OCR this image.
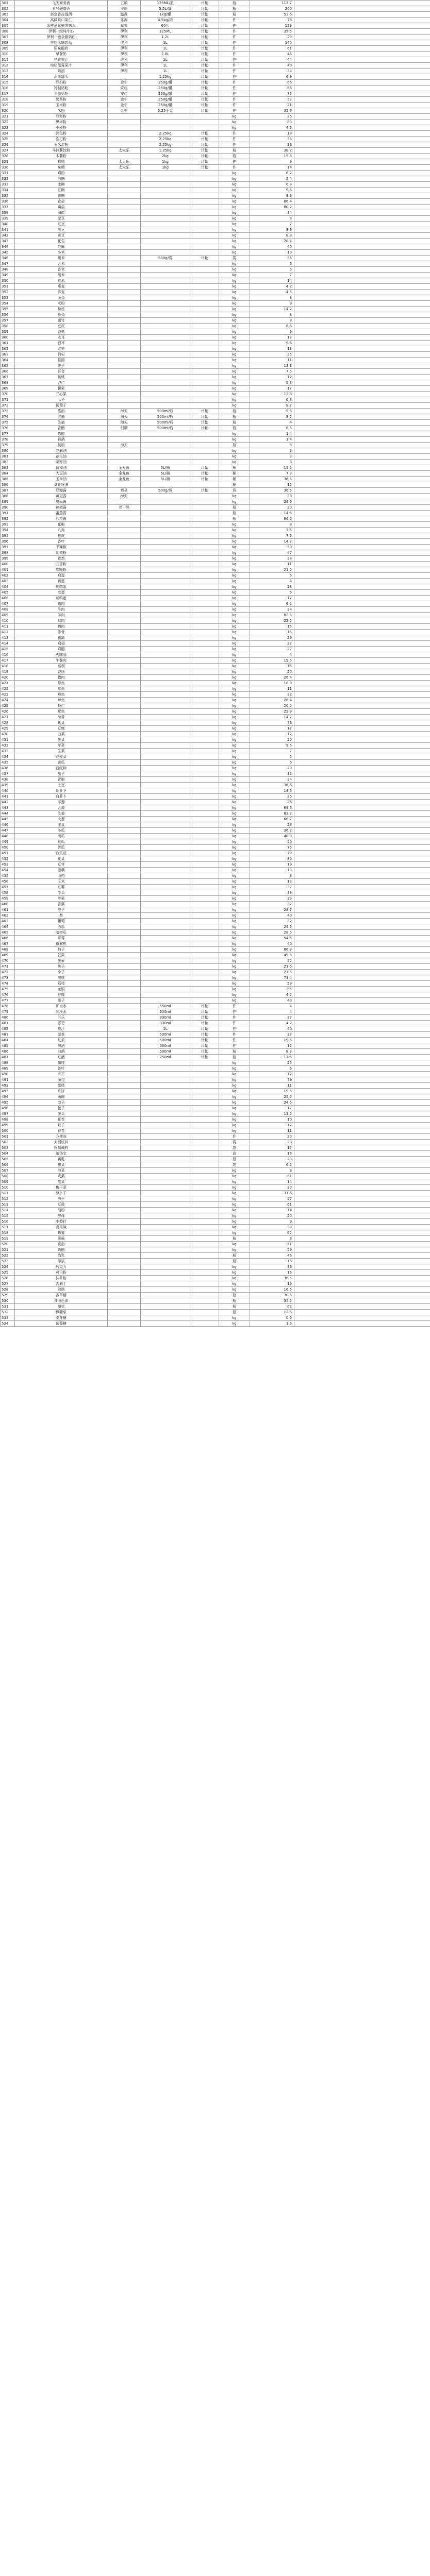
301	飞天商务酒	五粮	125ML/瓶	计量	瓶	113.2	
302	五号研磨酒	奥丽	5.5L/罐	计量	瓶	200	
303	郁金香拉提酒	露露	1kg/罐	计量	瓶	53.5	
304	高级爽口果仁	乐淘	4.5kg/箱	计量	件	78	
305	冰鲜蓝莓鲜果味水	莓果	60片	计量	件	129	
306	伊利一级纯牛奶	伊利	125ML	计量	件	35.5	
307	伊利一级全脂奶粉	伊利	1.2L	计量	件	29	
308	牛奶风味饮品	伊利	1L	计量	件	140	
309	原味酸奶	伊利	1L	计量	件	61	
310	早餐奶	伊利	2.8L	计量	件	46	
311	芒果果汁	伊利	1L	计量	件	44	
312	纯奶蓝莓果汁	伊利	1L	计量	件	40	
313	奶油	伊利	1L	计量	件	34	
314	水果罐头		1.25kg	计量	件	6.9	
315	豆奶粉	金牛	250g/罐	计量	件	66	
316	特制奶粉	安佳	250g/罐	计量	件	66	
317	全脂奶粉	安佳	250g/罐	计量	件	75	
318	奶茶粉	金牛	250g/罐	计量	件	53	
319	玉米粉	金牛	250g/罐	计量	件	21	
320	米粉	金牛	5.25千克	计量	件	35.6	
321	豆浆粉				kg	25	
322	黑米粉				kg	80	
323	小麦粉				kg	4.5	
324	面包粉		2.25kg	计量	件	18	
325	泡打粉		2.25kg	计量	件	36	
326	玉米淀粉		2.25kg	计量	件	36	
327	马铃薯淀粉	太太乐	1.25kg	计量	瓶	38.2	
328	木薯粉		2kg	计量	瓶	15.8	
329	鸡精	太太乐	1kg	计量	件	9	
330	味精	太太乐	1kg	计量	件	14	
331	鸡粉				kg	6.2	
332	白糖				kg	5.4	
333	冰糖				kg	6.8	
334	红糖				kg	9.6	
335	黄糖				kg	8.6	
336	食盐				kg	86.4	
337	碘盐				kg	80.2	
338	海盐				kg	34	
339	绿豆				kg	8	
340	红豆				kg	7	
341	黑豆				kg	8.6	
342	黄豆				kg	8.8	
343	花生				kg	20.4	
344	芝麻				kg	40	
345	小米				kg	10	
346	糯米		500g/袋	计量	袋	35	
347	大米				kg	6	
348	香米				kg	5	
349	黑米				kg	7	
350	薏米				kg	14	
351	燕麦				kg	4.2	
352	荞麦				kg	4.5	
353	面条				kg	8	
354	米粉				kg	9	
355	粉丝				kg	14.2	
356	粉条				kg	8	
357	腐竹				kg	8	
358	豆皮				kg	6.6	
359	香菇				kg	9	
360	木耳				kg	12	
361	银耳				kg	9.6	
362	红枣				kg	13	
363	枸杞				kg	25	
364	桂圆				kg	11	
365	莲子				kg	13.1	
366	百合				kg	7.5	
367	核桃				kg	12	
368	杏仁				kg	5.3	
369	腰果				kg	17	
370	开心果				kg	13.3	
371	瓜子				kg	6.8	
372	葡萄干				kg	8.7	
373	酱油	海天	500ml/瓶	计量	瓶	5.5	
374	老抽	海天	500ml/瓶	计量	瓶	8.2	
375	生抽	海天	500ml/瓶	计量	瓶	4	
376	香醋	恒顺	500ml/瓶	计量	瓶	6.5	
377	陈醋				kg	1.4	
378	料酒				kg	1.4	
379	蚝油	海天			瓶	8	
380	芝麻油				kg	3	
381	花生油				kg	3	
382	菜籽油				kg	8	
383	调和油	金龙鱼	5L/桶	计量	桶	15.5	
384	大豆油	金龙鱼	5L/桶	计量	桶	7.3	
385	玉米油	金龙鱼	5L/桶	计量	桶	36.5	
386	葵花籽油				桶	15	
387	豆瓣酱	郫县	500g/袋	计量	袋	36.5	
388	黄豆酱	海天			kg	38	
389	甜面酱				kg	29.5	
390	辣椒酱	老干妈			瓶	20	
391	番茄酱				瓶	14.6	
392	沙拉酱				瓶	86.2	
393	花椒				kg	8	
394	八角				kg	3.5	
395	桂皮				kg	7.5	
396	香叶				kg	14.2	
397	干辣椒				kg	50	
398	胡椒粉				kg	47	
399	孜然				kg	38	
400	五香粉				kg	11	
401	咖喱粉				kg	21.5	
402	鸡蛋				kg	6	
403	鸭蛋				kg	4	
404	鹌鹑蛋				kg	28	
405	皮蛋				kg	6	
406	咸鸭蛋				kg	17	
407	猪肉				kg	6.2	
408	牛肉				kg	34	
409	羊肉				kg	82.5	
410	鸡肉				kg	22.5	
411	鸭肉				kg	15	
412	排骨				kg	15	
413	猪蹄				kg	29	
414	鸡翅				kg	27	
415	鸡腿				kg	27	
416	火腿肠				kg	4	
417	午餐肉				kg	19.5	
418	培根				kg	15	
419	香肠				kg	20	
420	腊肉				kg	26.4	
421	带鱼				kg	16.9	
422	草鱼				kg	11	
423	鲫鱼				kg	32	
424	鲈鱼				kg	26.4	
425	虾仁				kg	20.5	
426	鱿鱼				kg	22.3	
427	海带				kg	14.7	
428	紫菜				kg	76	
429	豆腐				kg	17	
430	白菜				kg	12	
431	菠菜				kg	20	
432	芹菜				kg	9.5	
433	生菜				kg	7	
434	油麦菜				kg	5	
435	黄瓜				kg	6	
436	西红柿				kg	20	
437	茄子				kg	32	
438	青椒				kg	34	
439	土豆				kg	36.5	
440	胡萝卜				kg	18.5	
441	白萝卜				kg	25	
442	洋葱				kg	26	
443	大蒜				kg	69.6	
444	生姜				kg	83.2	
445	大葱				kg	66.2	
446	韭菜				kg	29	
447	冬瓜				kg	36.2	
448	南瓜				kg	48.9	
449	丝瓜				kg	50	
450	苦瓜				kg	75	
451	西兰花				kg	79	
452	花菜				kg	80	
453	豆芽				kg	19	
454	莲藕				kg	13	
455	山药				kg	8	
456	玉米				kg	12	
457	红薯				kg	37	
458	芋头				kg	39	
459	苹果				kg	39	
460	香蕉				kg	32	
461	橙子				kg	28.7	
462	梨				kg	40	
463	葡萄				kg	32	
464	西瓜				kg	29.5	
465	哈密瓜				kg	28.5	
466	草莓				kg	54.5	
467	猕猴桃				kg	40	
468	柚子				kg	86.3	
469	芒果				kg	49.5	
470	菠萝				kg	52	
471	桃子				kg	21.5	
472	李子				kg	21.5	
473	樱桃				kg	73.4	
474	荔枝				kg	59	
475	龙眼				kg	3.5	
476	柠檬				kg	4.2	
477	椰子				kg	40	
478	矿泉水		550ml	计量	件	4	
479	纯净水		550ml	计量	件	4	
480	可乐		330ml	计量	件	37	
481	雪碧		330ml	计量	件	4.2	
482	橙汁		1L	计量	件	40	
483	绿茶		500ml	计量	件	37	
484	红茶		500ml	计量	件	19.6	
485	啤酒		500ml	计量	件	12	
486	白酒		500ml	计量	瓶	8.3	
487	红酒		750ml	计量	瓶	17.6	
488	咖啡				kg	25	
489	茶叶				kg	6	
490	饼干				kg	12	
491	面包				kg	79	
492	蛋糕				kg	11	
493	月饼				kg	19.5	
494	汤圆				kg	25.5	
495	饺子				kg	24.5	
496	包子				kg	17	
497	馒头				kg	13.5	
498	花卷				kg	10	
499	粽子				kg	12	
500	春卷				kg	11	
501	方便面				件	20	
502	火锅底料				袋	28	
503	鸡精调料				袋	17	
504	浓汤宝				盒	16	
505	腐乳				瓶	23	
506	榨菜				袋	6.5	
507	泡菜				kg	9	
508	咸菜				kg	61	
509	酸菜				kg	14	
510	梅干菜				kg	30	
511	萝卜干				kg	31.5	
512	笋干				kg	57	
513	豆豉				kg	61	
514	淀粉				kg	14	
515	酵母				kg	20	
516	小苏打				kg	9	
517	食用碱				kg	30	
518	蜂蜜				kg	62	
519	果酱				瓶	8	
520	黄油				kg	51	
521	奶酪				kg	59	
522	炼乳				瓶	46	
523	椰浆				瓶	16	
524	巧克力				kg	36	
525	可可粉				kg	16	
526	抹茶粉				kg	36.5	
527	吉利丁				kg	19	
528	琼脂				kg	16.5	
529	香草精				瓶	30.5	
530	食用色素				瓶	35.5	
531	糖浆				瓶	62	
532	枫糖浆				瓶	12.5	
533	麦芽糖				kg	0.5	
534	葡萄糖				kg	1.6	
